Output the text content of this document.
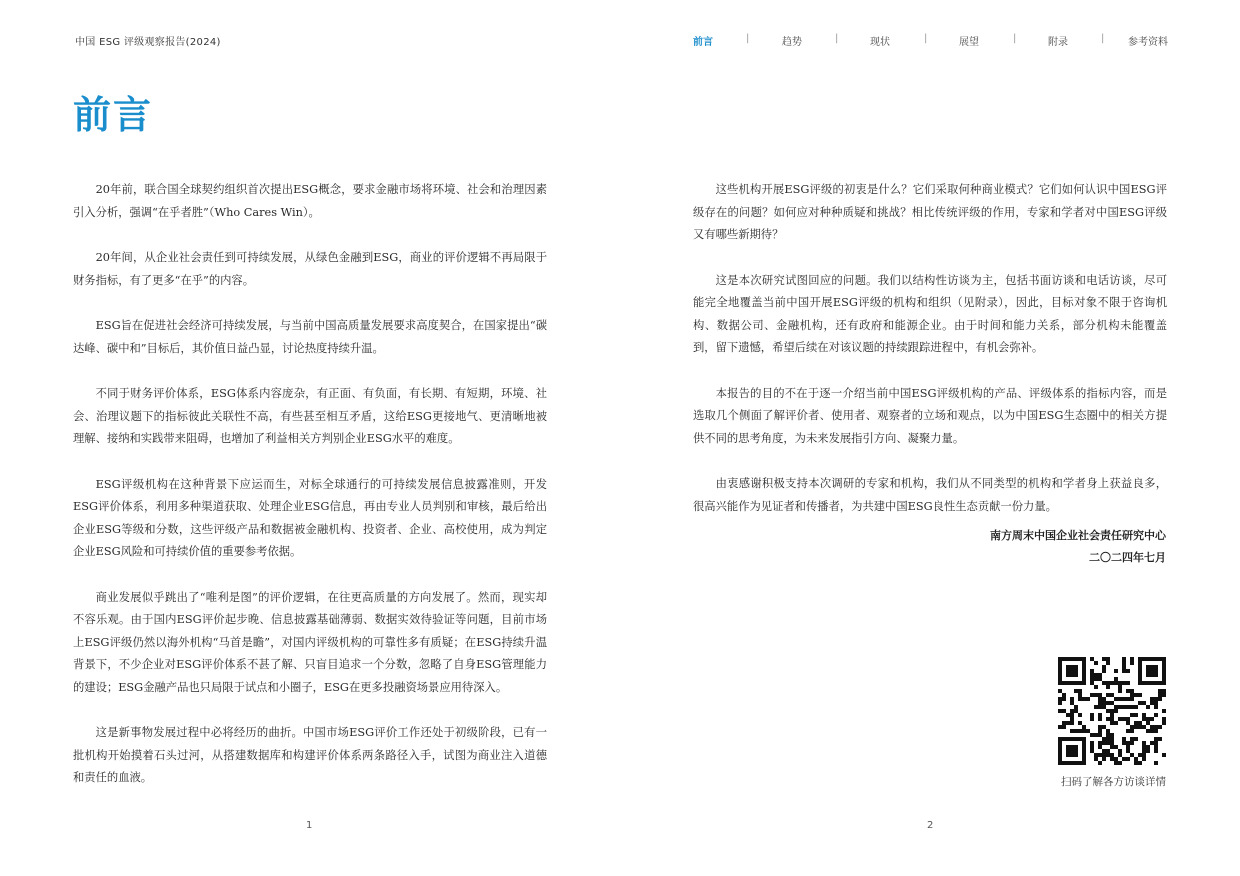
中国 ESG 评级观察报告(2024)	前言	|	趋势	|	现状	|	展望	|	附录	| 参考资料
前言

20年前，联合国全球契约组织首次提出ESG概念，要求金融市场将环境、社会和治理因素引入分析，强调“在乎者胜”（Who Cares Win）。

20年间，从企业社会责任到可持续发展，从绿色金融到ESG，商业的评价逻辑不再局限于财务指标，有了更多“在乎”的内容。

ESG旨在促进社会经济可持续发展，与当前中国高质量发展要求高度契合，在国家提出“碳达峰、碳中和”目标后，其价值日益凸显，讨论热度持续升温。

不同于财务评价体系，ESG体系内容庞杂，有正面、有负面，有长期、有短期，环境、社会、治理议题下的指标彼此关联性不高，有些甚至相互矛盾，这给ESG更接地气、更清晰地被理解、接纳和实践带来阻碍，也增加了利益相关方判别企业ESG水平的难度。

ESG评级机构在这种背景下应运而生，对标全球通行的可持续发展信息披露准则，开发ESG评价体系，利用多种渠道获取、处理企业ESG信息，再由专业人员判别和审核，最后给出企业ESG等级和分数，这些评级产品和数据被金融机构、投资者、企业、高校使用，成为判定企业ESG风险和可持续价值的重要参考依据。

商业发展似乎跳出了“唯利是图”的评价逻辑，在往更高质量的方向发展了。然而，现实却不容乐观。由于国内ESG评价起步晚、信息披露基础薄弱、数据实效待验证等问题，目前市场上ESG评级仍然以海外机构“马首是瞻”，对国内评级机构的可靠性多有质疑；在ESG持续升温背景下，不少企业对ESG评价体系不甚了解、只盲目追求一个分数，忽略了自身ESG管理能力的建设；ESG金融产品也只局限于试点和小圈子，ESG在更多投融资场景应用待深入。

这是新事物发展过程中必将经历的曲折。中国市场ESG评价工作还处于初级阶段，已有一批机构开始摸着石头过河，从搭建数据库和构建评价体系两条路径入手，试图为商业注入道德和责任的血液。

这些机构开展ESG评级的初衷是什么？它们采取何种商业模式？它们如何认识中国ESG评级存在的问题？如何应对种种质疑和挑战？相比传统评级的作用，专家和学者对中国ESG评级又有哪些新期待？

这是本次研究试图回应的问题。我们以结构性访谈为主，包括书面访谈和电话访谈，尽可能完全地覆盖当前中国开展ESG评级的机构和组织（见附录），因此，目标对象不限于咨询机构、数据公司、金融机构，还有政府和能源企业。由于时间和能力关系，部分机构未能覆盖到，留下遗憾，希望后续在对该议题的持续跟踪进程中，有机会弥补。

本报告的目的不在于逐一介绍当前中国ESG评级机构的产品、评级体系的指标内容，而是选取几个侧面了解评价者、使用者、观察者的立场和观点，以为中国ESG生态圈中的相关方提供不同的思考角度，为未来发展指引方向、凝聚力量。

由衷感谢积极支持本次调研的专家和机构，我们从不同类型的机构和学者身上获益良多，很高兴能作为见证者和传播者，为共建中国ESG良性生态贡献一份力量。

南方周末中国企业社会责任研究中心
二〇二四年七月
扫码了解各方访谈详情
1	2
